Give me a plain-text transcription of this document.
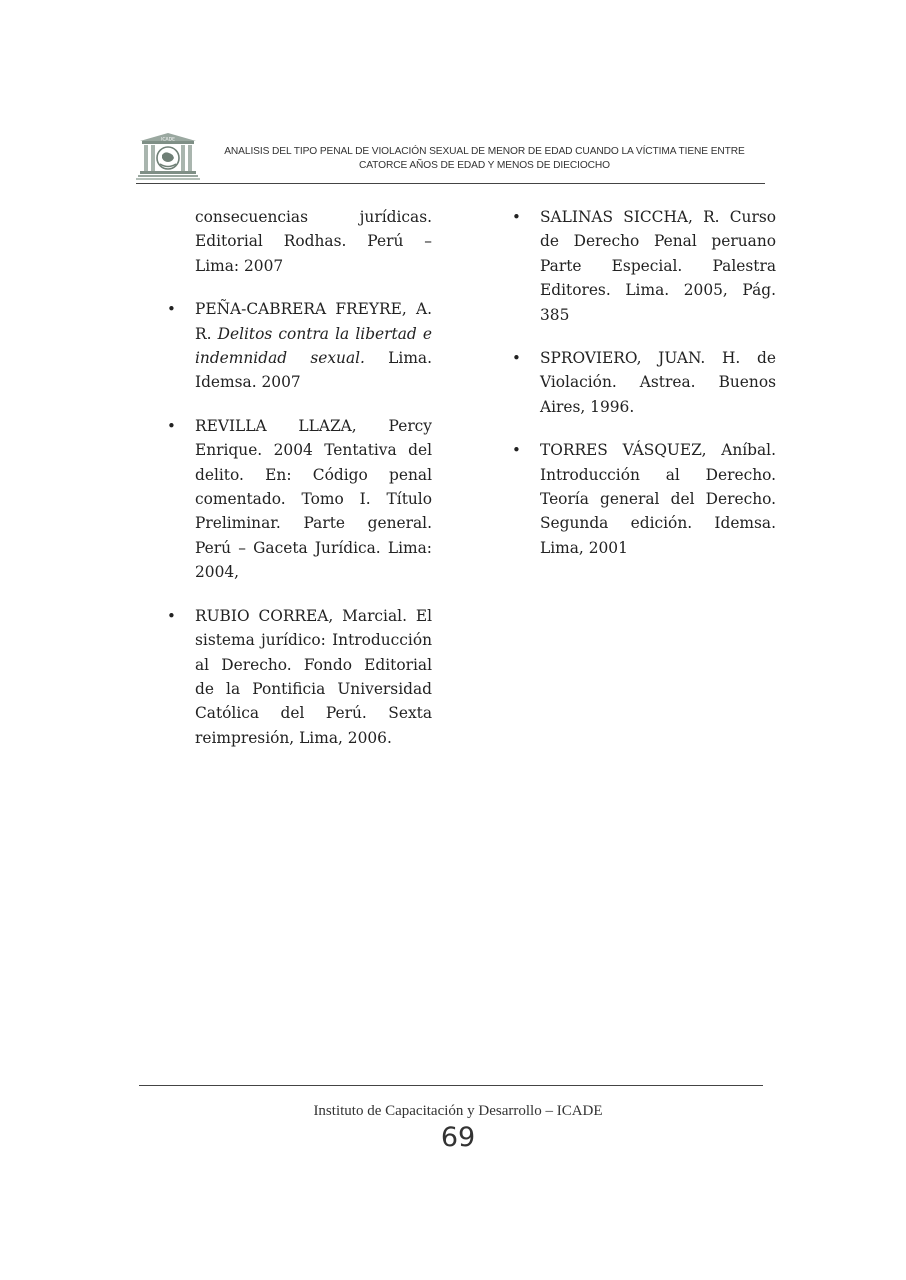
ICADE

ANALISIS DEL TIPO PENAL DE VIOLACIÓN SEXUAL DE MENOR DE EDAD CUANDO LA VÍCTIMA TIENE ENTRE CATORCE AÑOS DE EDAD Y MENOS DE DIECIOCHO

consecuencias jurídicas. Editorial Rodhas. Perú – Lima: 2007

• PEÑA-CABRERA FREYRE, A. R. Delitos contra la libertad e indemnidad sexual. Lima. Idemsa. 2007

• REVILLA LLAZA, Percy Enrique. 2004 Tentativa del delito. En: Código penal comentado. Tomo I. Título Preliminar. Parte general. Perú – Gaceta Jurídica. Lima: 2004,

• RUBIO CORREA, Marcial. El sistema jurídico: Introducción al Derecho. Fondo Editorial de la Pontificia Universidad Católica del Perú. Sexta reimpresión, Lima, 2006.

• SALINAS SICCHA, R. Curso de Derecho Penal peruano Parte Especial. Palestra Editores. Lima. 2005, Pág. 385

• SPROVIERO, JUAN. H. de Violación. Astrea. Buenos Aires, 1996.

• TORRES VÁSQUEZ, Aníbal. Introducción al Derecho. Teoría general del Derecho. Segunda edición. Idemsa. Lima, 2001

Instituto de Capacitación y Desarrollo – ICADE

69
